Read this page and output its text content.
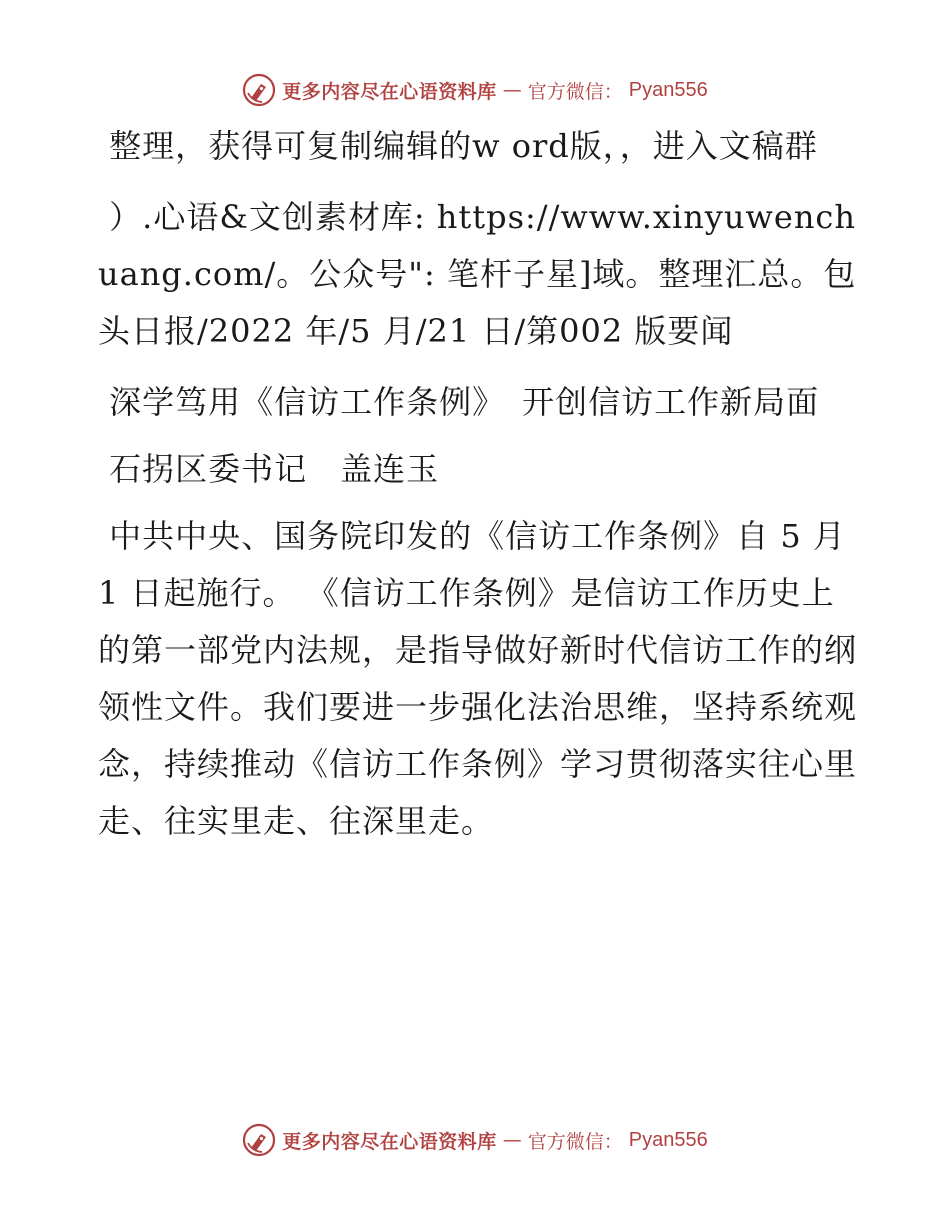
更多内容尽在心语资料库 — 官方微信： Pyan556

整理，获得可复制编辑的w ord版，，进入文稿群

）.心语&文创素材库: https://www.xinyuwenchuang.com/。公众号": 笔杆子星]域。整理汇总。包头日报/2022 年/5 月/21 日/第002 版要闻

深学笃用《信访工作条例》　开创信访工作新局面

石拐区委书记　盖连玉

中共中央、国务院印发的《信访工作条例》自 5 月 1 日起施行。 《信访工作条例》是信访工作历史上的第一部党内法规，是指导做好新时代信访工作的纲领性文件。我们要进一步强化法治思维，坚持系统观念，持续推动《信访工作条例》学习贯彻落实往心里走、往实里走、往深里走。

更多内容尽在心语资料库 — 官方微信： Pyan556
